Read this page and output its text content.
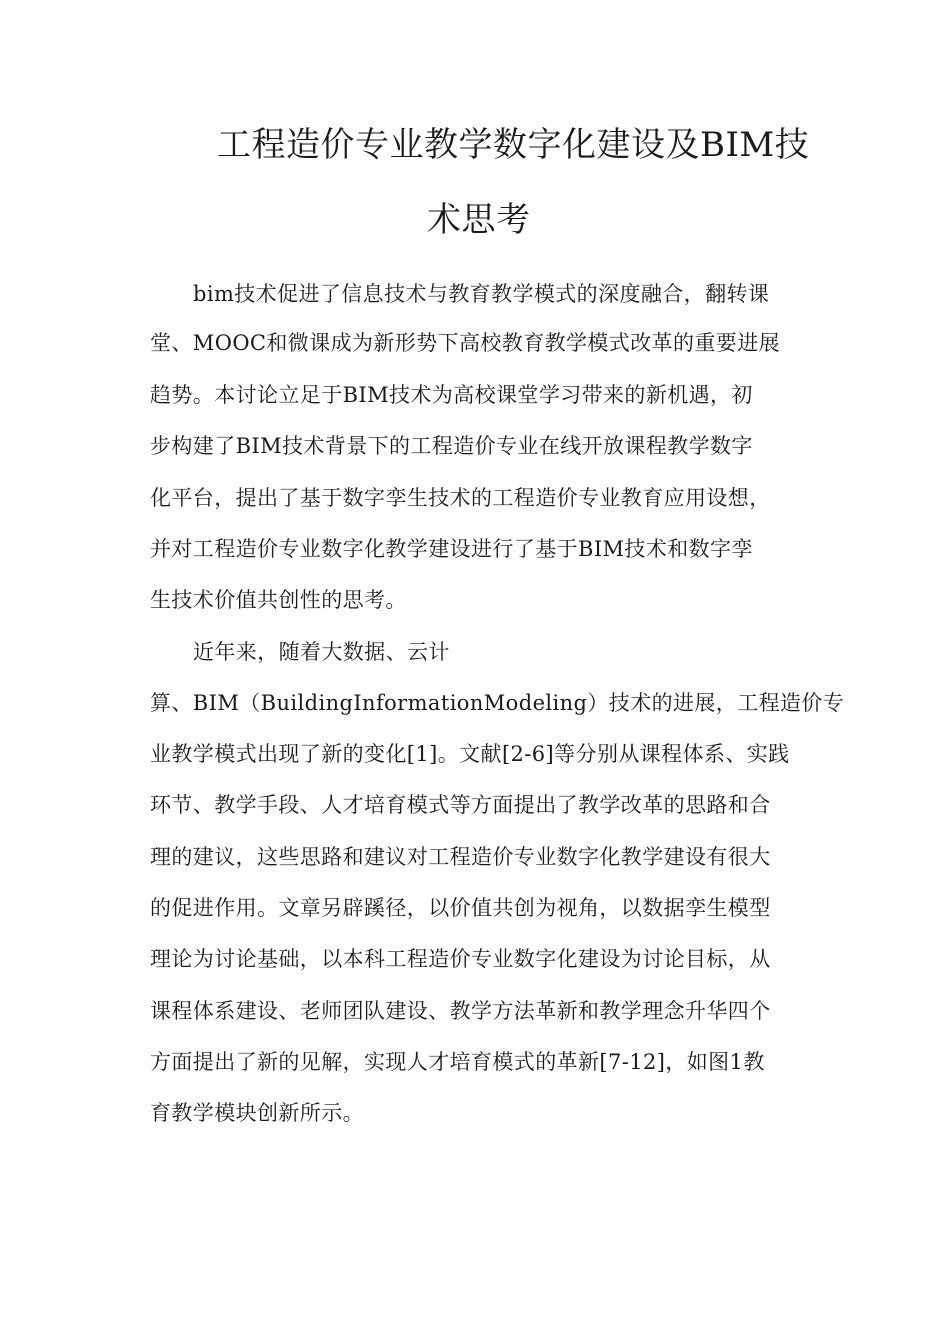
工程造价专业教学数字化建设及BIM技
术思考
bim技术促进了信息技术与教育教学模式的深度融合，翻转课
堂、MOOC和微课成为新形势下高校教育教学模式改革的重要进展
趋势。本讨论立足于BIM技术为高校课堂学习带来的新机遇，初
步构建了BIM技术背景下的工程造价专业在线开放课程教学数字
化平台，提出了基于数字孪生技术的工程造价专业教育应用设想，
并对工程造价专业数字化教学建设进行了基于BIM技术和数字孪
生技术价值共创性的思考。
近年来，随着大数据、云计
算、BIM（BuildingInformationModeling）技术的进展，工程造价专
业教学模式出现了新的变化[1]。文献[2-6]等分别从课程体系、实践
环节、教学手段、人才培育模式等方面提出了教学改革的思路和合
理的建议，这些思路和建议对工程造价专业数字化教学建设有很大
的促进作用。文章另辟蹊径，以价值共创为视角，以数据孪生模型
理论为讨论基础，以本科工程造价专业数字化建设为讨论目标，从
课程体系建设、老师团队建设、教学方法革新和教学理念升华四个
方面提出了新的见解，实现人才培育模式的革新[7-12]，如图1教
育教学模块创新所示。
